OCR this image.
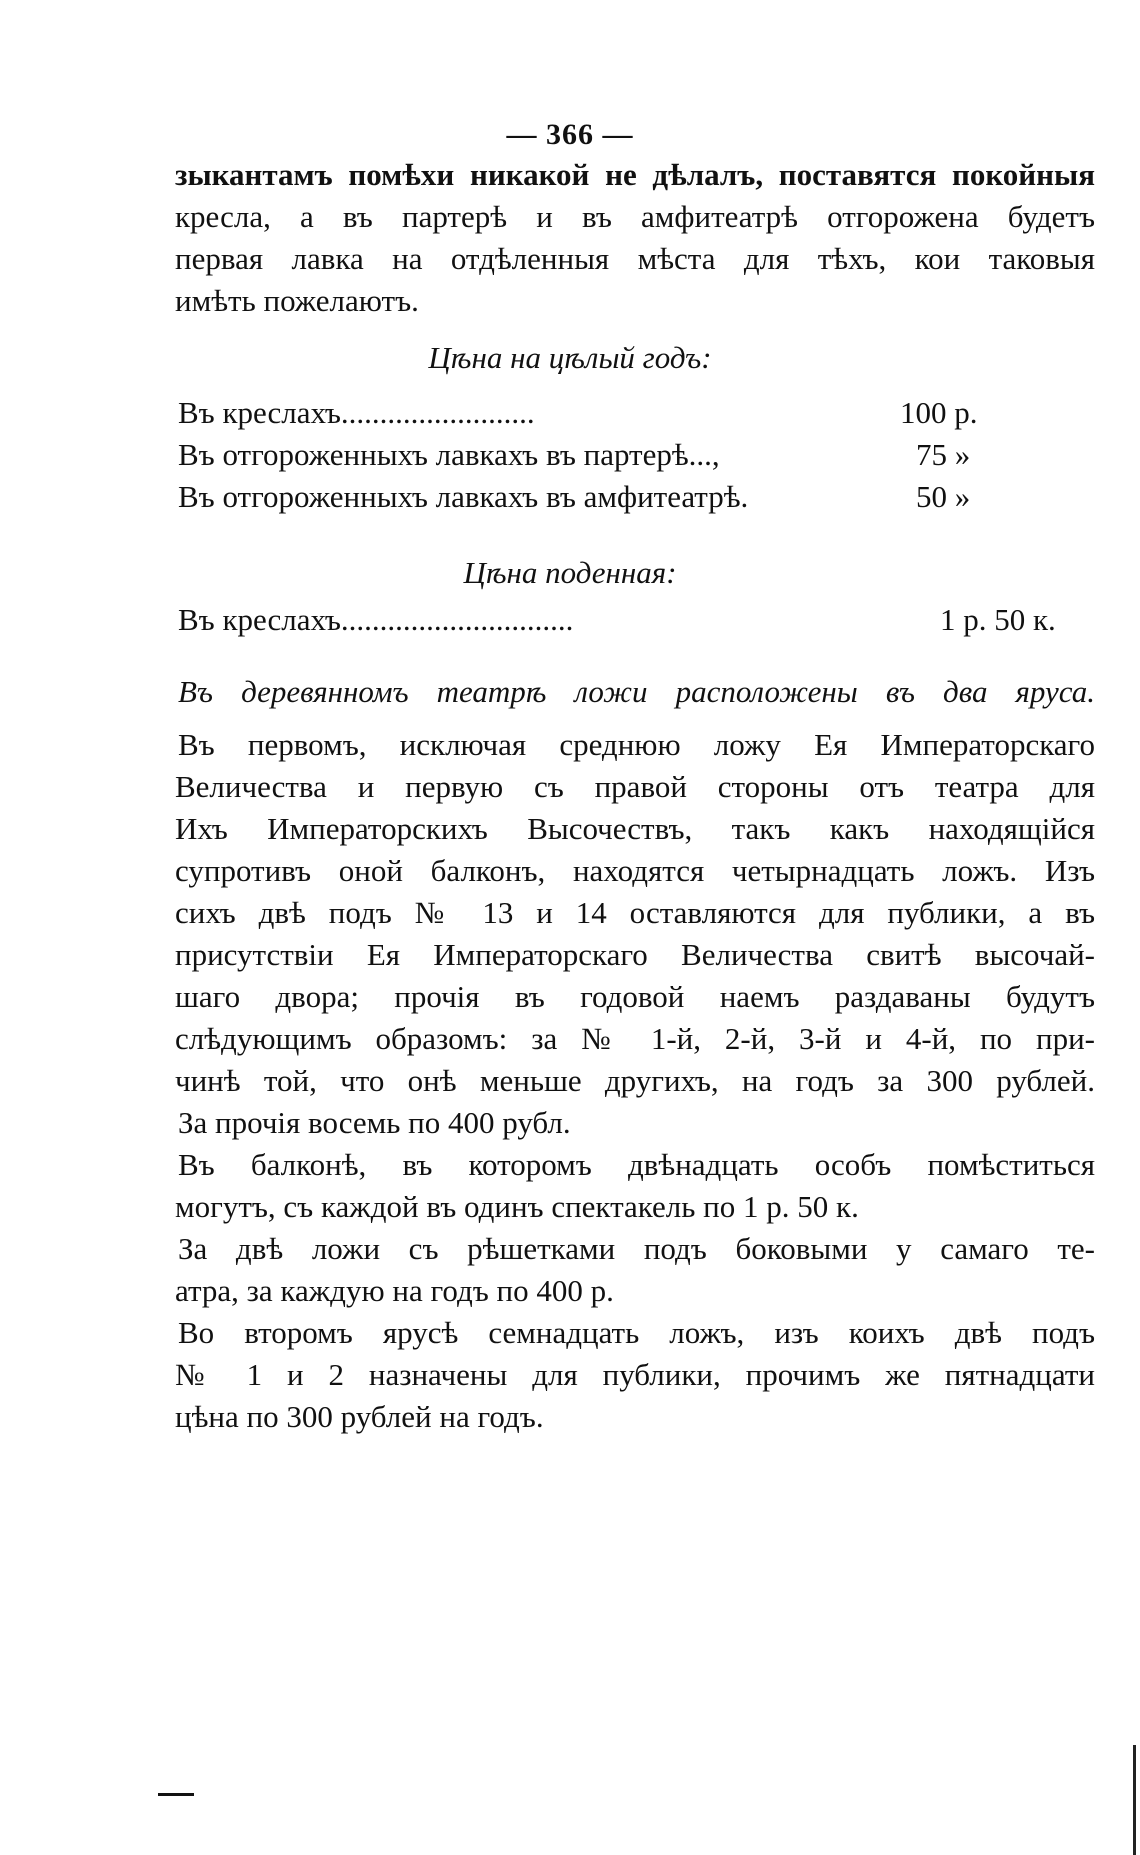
— 366 —
зыкантамъ помѣхи никакой не дѣлалъ, поставятся покойныя
кресла, а въ партерѣ и въ амфитеатрѣ отгорожена будетъ
первая лавка на отдѣленныя мѣста для тѣхъ, кои таковыя
имѣть пожелаютъ.
Цѣна на цѣлый годъ:
Въ креслахъ.........................	100 р.
Въ отгороженныхъ лавкахъ въ партерѣ...,	75 »
Въ отгороженныхъ лавкахъ въ амфитеатрѣ.	50 »
Цѣна поденная:
Въ креслахъ..............................	1 р. 50 к.
Въ деревянномъ театрѣ ложи расположены въ два яруса.
Въ первомъ, исключая среднюю ложу Ея Императорскаго
Величества и первую съ правой стороны отъ театра для
Ихъ Императорскихъ Высочествъ, такъ какъ находящійся
супротивъ оной балконъ, находятся четырнадцать ложъ. Изъ
сихъ двѣ подъ № 13 и 14 оставляются для публики, а въ
присутствіи Ея Императорскаго Величества свитѣ высочай-
шаго двора; прочія въ годовой наемъ раздаваны будутъ
слѣдующимъ образомъ: за № 1-й, 2-й, 3-й и 4-й, по при-
чинѣ той, что онѣ меньше другихъ, на годъ за 300 рублей.
За прочія восемь по 400 рубл.
Въ балконѣ, въ которомъ двѣнадцать особъ помѣститься
могутъ, съ каждой въ одинъ спектакель по 1 р. 50 к.
За двѣ ложи съ рѣшетками подъ боковыми у самаго те-
атра, за каждую на годъ по 400 р.
Во второмъ ярусѣ семнадцать ложъ, изъ коихъ двѣ подъ
№ 1 и 2 назначены для публики, прочимъ же пятнадцати
цѣна по 300 рублей на годъ.
